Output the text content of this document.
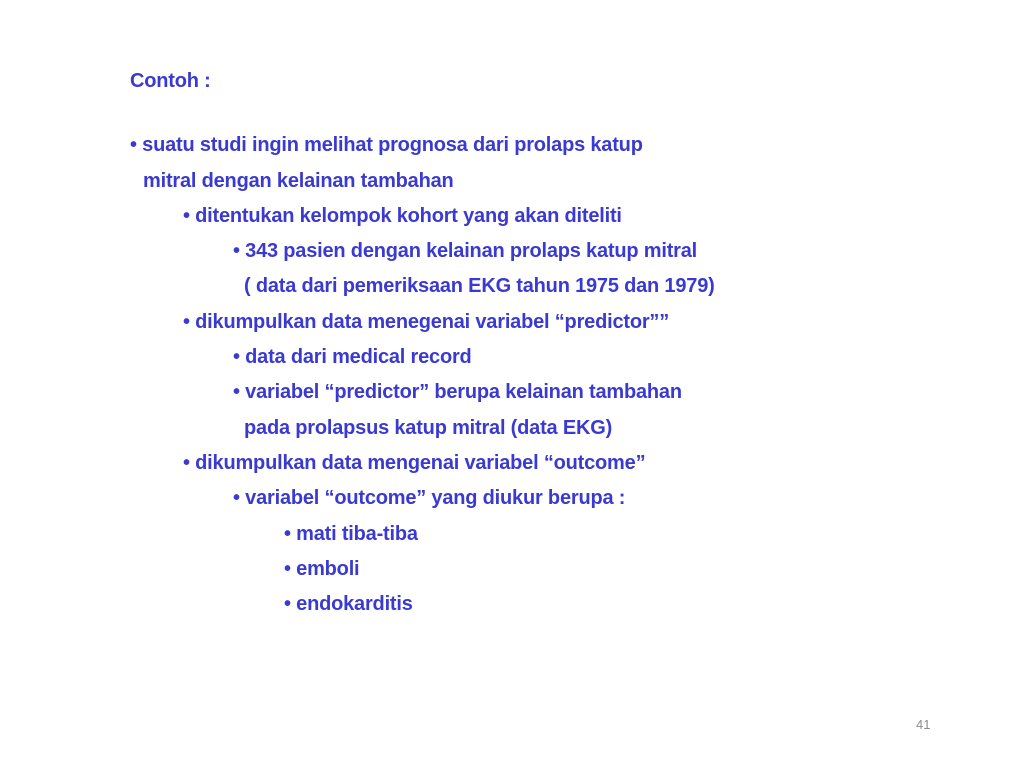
Contoh :
• suatu studi ingin melihat prognosa dari prolaps katup
mitral dengan kelainan tambahan
• ditentukan kelompok kohort yang akan diteliti
• 343 pasien dengan kelainan prolaps katup mitral
( data dari pemeriksaan EKG tahun 1975 dan 1979)
• dikumpulkan data menegenai variabel “predictor””
• data dari medical record
• variabel “predictor” berupa kelainan tambahan
pada prolapsus katup mitral (data EKG)
• dikumpulkan data mengenai variabel “outcome”
• variabel “outcome” yang diukur berupa :
• mati tiba-tiba
• emboli
• endokarditis
41
